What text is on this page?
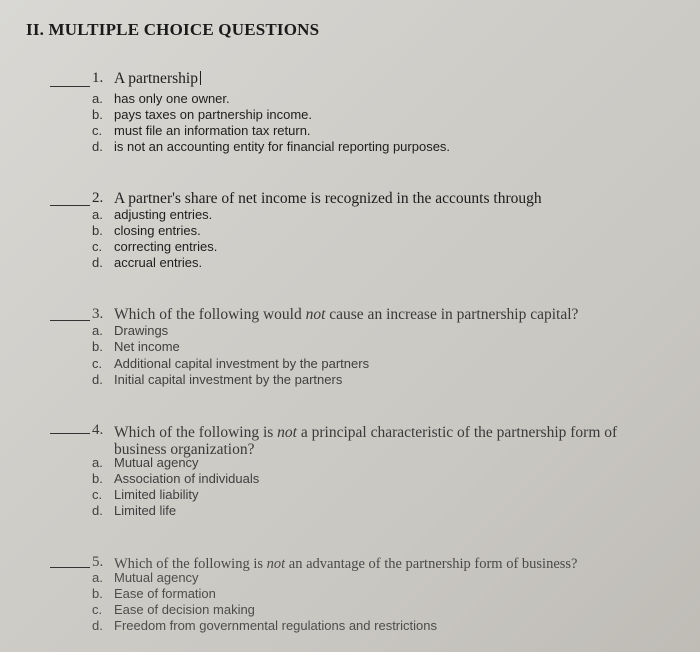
II. MULTIPLE CHOICE QUESTIONS
1. A partnership
a. has only one owner.
b. pays taxes on partnership income.
c. must file an information tax return.
d. is not an accounting entity for financial reporting purposes.
2. A partner's share of net income is recognized in the accounts through
a. adjusting entries.
b. closing entries.
c. correcting entries.
d. accrual entries.
3. Which of the following would not cause an increase in partnership capital?
a. Drawings
b. Net income
c. Additional capital investment by the partners
d. Initial capital investment by the partners
4. Which of the following is not a principal characteristic of the partnership form of business organization?
a. Mutual agency
b. Association of individuals
c. Limited liability
d. Limited life
5. Which of the following is not an advantage of the partnership form of business?
a. Mutual agency
b. Ease of formation
c. Ease of decision making
d. Freedom from governmental regulations and restrictions
